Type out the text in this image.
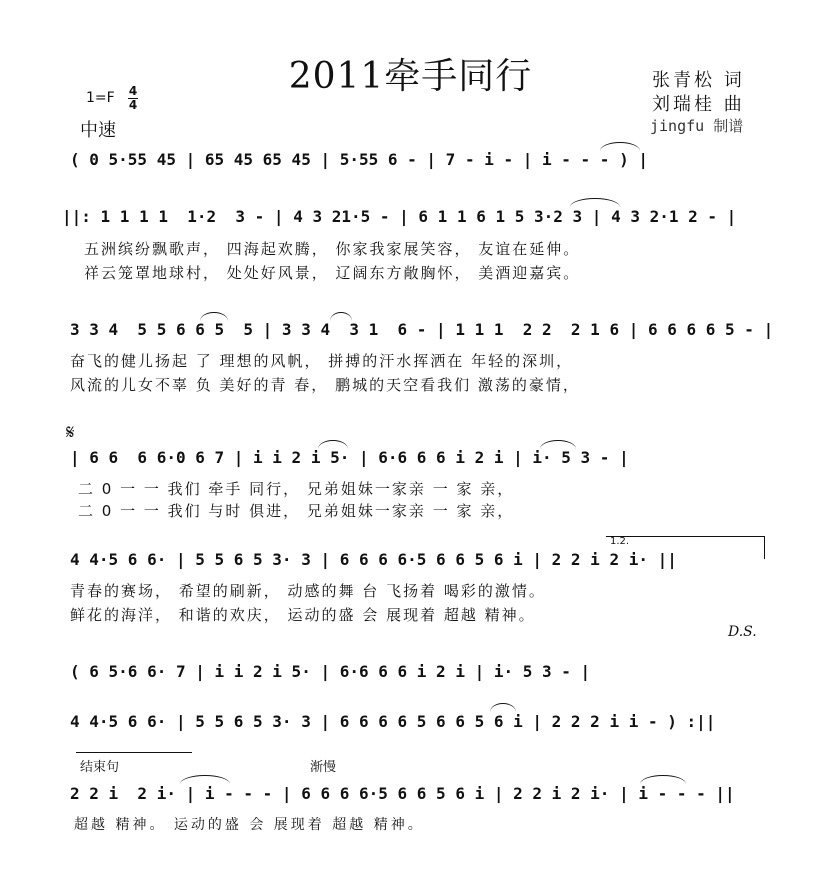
2011牵手同行	张青松 词
刘瑞桂 曲
jingfu 制谱
1=F 4
4
中速
( 0 5·55 45 | 65 45 65 45 | 5·55 6 - | 7 - i - | i - - - ) |
||: 1 1 1 1  1·2  3 - | 4 3 21·5 - | 6 1 1 6 1 5 3·2 3 | 4 3 2·1 2 - |
五洲缤纷飘歌声， 四海起欢腾， 你家我家展笑容， 友谊在延伸。
祥云笼罩地球村， 处处好风景， 辽阔东方敞胸怀， 美酒迎嘉宾。
3 3 4  5 5 6 6 5  5 | 3 3 4  3 1  6 - | 1 1 1  2 2  2 1 6 | 6 6 6 6 5 - |
奋飞的健儿扬起 了 理想的风帆， 拼搏的汗水挥洒在 年轻的深圳，
风流的儿女不辜 负 美好的青 春， 鹏城的天空看我们 激荡的豪情，
𝄋
| 6 6  6 6·0 6 7 | i i 2 i 5· | 6·6 6 6 i 2 i | i· 5 3 - |
二 0 一 一 我们 牵手 同行， 兄弟姐妹一家亲 一 家 亲，
二 0 一 一 我们 与时 俱进， 兄弟姐妹一家亲 一 家 亲，
1.2.
4 4·5 6 6· | 5 5 6 5 3· 3 | 6 6 6 6·5 6 6 5 6 i | 2 2 i 2 i· ||
青春的赛场， 希望的刷新， 动感的舞 台 飞扬着 喝彩的激情。
鲜花的海洋， 和谐的欢庆， 运动的盛 会 展现着 超越 精神。
D.S.
( 6 5·6 6· 7 | i i 2 i 5· | 6·6 6 6 i 2 i | i· 5 3 - |
4 4·5 6 6· | 5 5 6 5 3· 3 | 6 6 6 6 5 6 6 5 6 i | 2 2 2 i i - ) :||
结束句	渐慢
2 2 i  2 i· | i - - - | 6 6 6 6·5 6 6 5 6 i | 2 2 i 2 i· | i - - - ||
超越 精神。 运动的盛 会 展现着 超越 精神。
